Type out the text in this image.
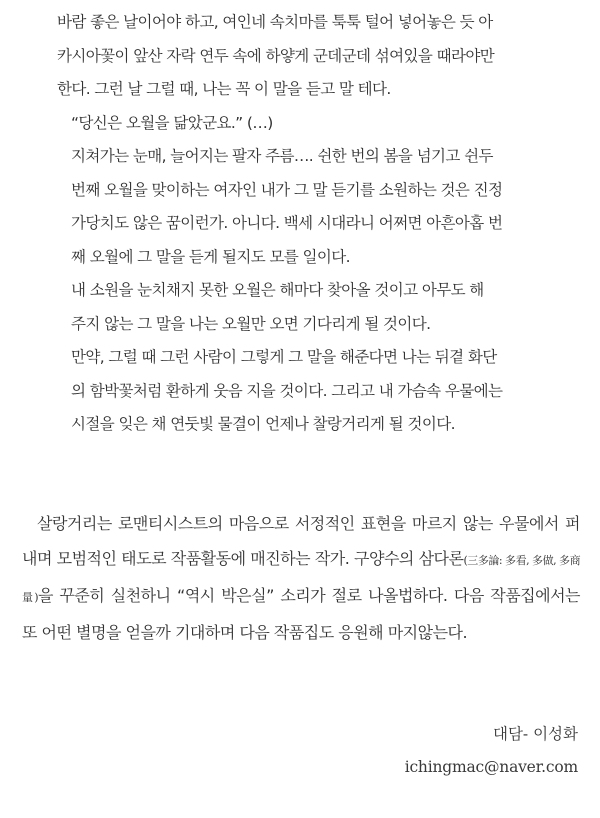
바람 좋은 날이어야 하고, 여인네 속치마를 툭툭 털어 넣어놓은 듯 아
카시아꽃이 앞산 자락 연두 속에 하얗게 군데군데 섞여있을 때라야만
한다. 그런 날 그럴 때, 나는 꼭 이 말을 듣고 말 테다.

“당신은 오월을 닮았군요.” (…)

지쳐가는 눈매, 늘어지는 팔자 주름…. 쉰한 번의 봄을 넘기고 쉰두
번째 오월을 맞이하는 여자인 내가 그 말 듣기를 소원하는 것은 진정
가당치도 않은 꿈이런가. 아니다. 백세 시대라니 어쩌면 아흔아홉 번
째 오월에 그 말을 듣게 될지도 모를 일이다.

내 소원을 눈치채지 못한 오월은 해마다 찾아올 것이고 아무도 해
주지 않는 그 말을 나는 오월만 오면 기다리게 될 것이다.

만약, 그럴 때 그런 사람이 그렇게 그 말을 해준다면 나는 뒤곁 화단
의 함박꽃처럼 환하게 웃음 지을 것이다. 그리고 내 가슴속 우물에는
시절을 잊은 채 연둣빛 물결이 언제나 찰랑거리게 될 것이다.

살랑거리는 로맨티시스트의 마음으로 서정적인 표현을 마르지 않는 우물에서 퍼내며 모범적인 태도로 작품활동에 매진하는 작가. 구양수의 삼다론(三多論: 多看, 多做, 多商量)을 꾸준히 실천하니 “역시 박은실” 소리가 절로 나올법하다. 다음 작품집에서는 또 어떤 별명을 얻을까 기대하며 다음 작품집도 응원해 마지않는다.

대담- 이성화
ichingmac@naver.com
